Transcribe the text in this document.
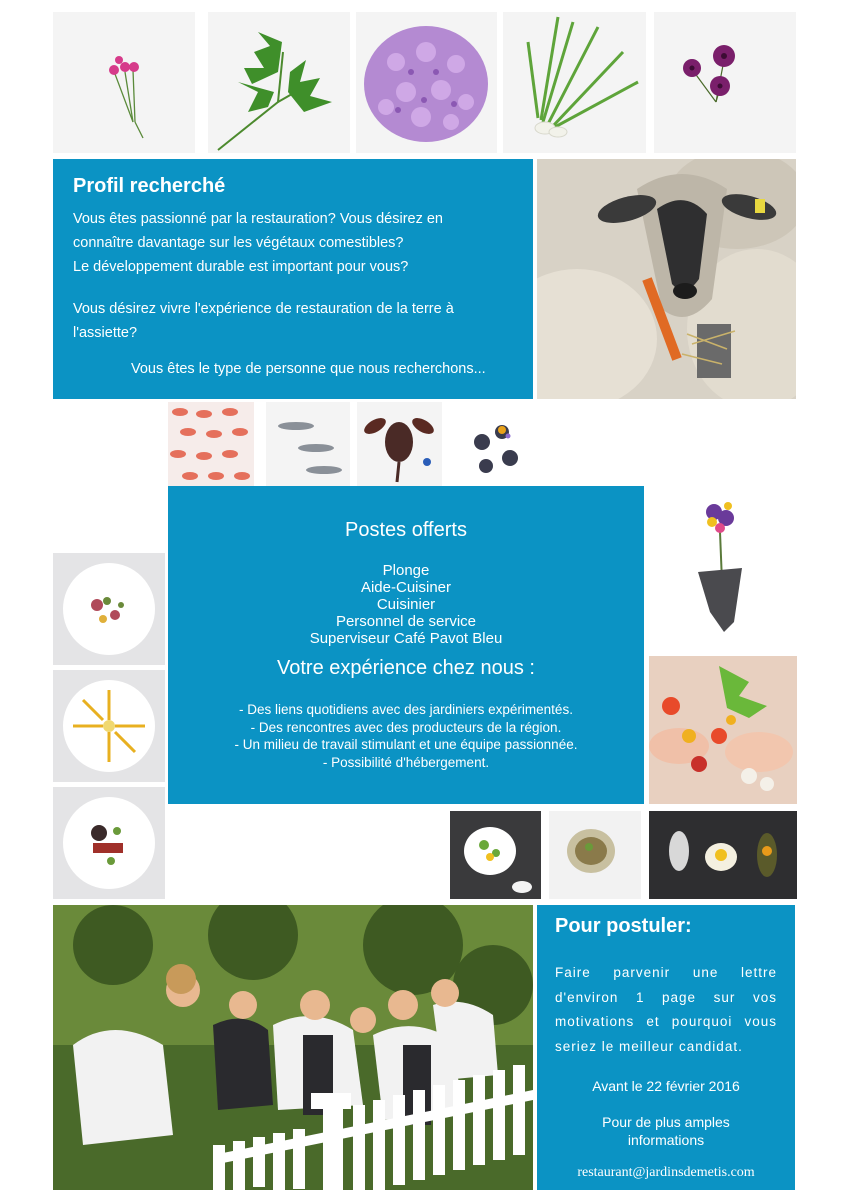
Profil recherché
Vous êtes passionné par la restauration? Vous désirez en
connaître davantage sur les végétaux comestibles?
Le développement durable est important pour vous?
Vous désirez vivre l'expérience de restauration de la terre à
l'assiette?
Vous êtes le type de personne que nous recherchons...
Postes offerts
Plonge
Aide-Cuisiner
Cuisinier
Personnel de service
Superviseur Café Pavot Bleu
Votre expérience chez nous :
- Des liens quotidiens avec des jardiniers expérimentés.
- Des rencontres avec des producteurs de la région.
- Un milieu de travail stimulant et une équipe passionnée.
- Possibilité d'hébergement.
Pour postuler:
Faire parvenir une lettre d'environ 1 page sur vos motivations et pourquoi vous seriez le meilleur candidat.
Avant le 22 février 2016
Pour de plus amples
informations
restaurant@jardinsdemetis.com
